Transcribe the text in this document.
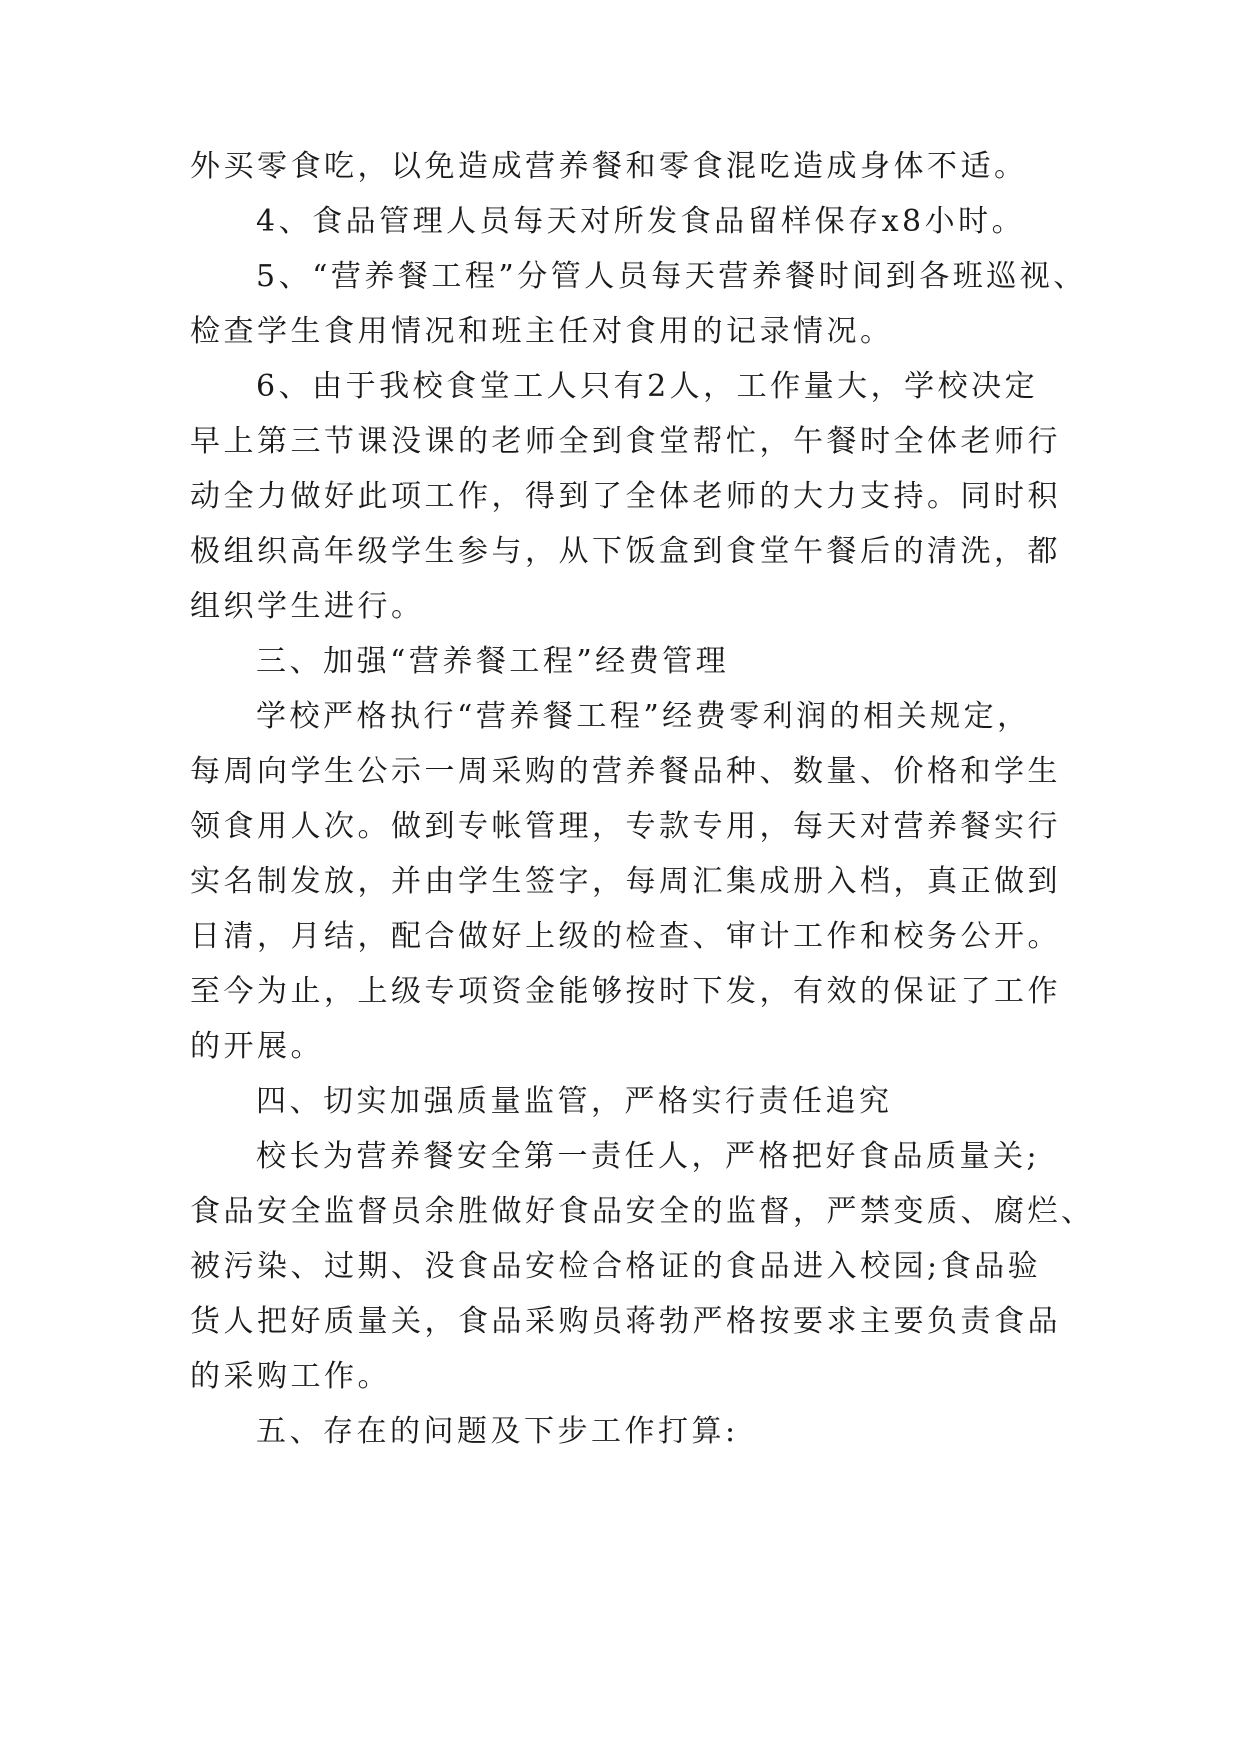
外买零食吃，以免造成营养餐和零食混吃造成身体不适。
4、食品管理人员每天对所发食品留样保存x8小时。
5、“营养餐工程”分管人员每天营养餐时间到各班巡视、
检查学生食用情况和班主任对食用的记录情况。
6、由于我校食堂工人只有2人，工作量大，学校决定
早上第三节课没课的老师全到食堂帮忙，午餐时全体老师行
动全力做好此项工作，得到了全体老师的大力支持。同时积
极组织高年级学生参与，从下饭盒到食堂午餐后的清洗，都
组织学生进行。
三、加强“营养餐工程”经费管理
学校严格执行“营养餐工程”经费零利润的相关规定，
每周向学生公示一周采购的营养餐品种、数量、价格和学生
领食用人次。做到专帐管理，专款专用，每天对营养餐实行
实名制发放，并由学生签字，每周汇集成册入档，真正做到
日清，月结，配合做好上级的检查、审计工作和校务公开。
至今为止，上级专项资金能够按时下发，有效的保证了工作
的开展。
四、切实加强质量监管，严格实行责任追究
校长为营养餐安全第一责任人，严格把好食品质量关;
食品安全监督员余胜做好食品安全的监督，严禁变质、腐烂、
被污染、过期、没食品安检合格证的食品进入校园;食品验
货人把好质量关，食品采购员蒋勃严格按要求主要负责食品
的采购工作。
五、存在的问题及下步工作打算:
